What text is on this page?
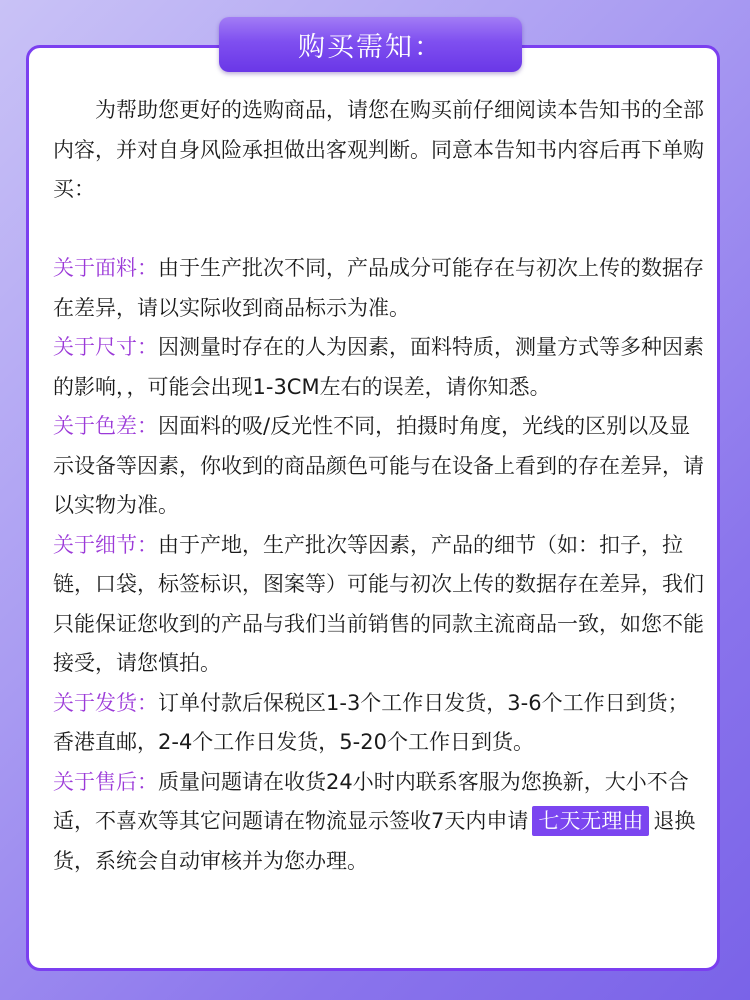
购买需知：

为帮助您更好的选购商品，请您在购买前仔细阅读本告知书的全部内容，并对自身风险承担做出客观判断。同意本告知书内容后再下单购买：

关于面料：由于生产批次不同，产品成分可能存在与初次上传的数据存在差异，请以实际收到商品标示为准。

关于尺寸：因测量时存在的人为因素，面料特质，测量方式等多种因素的影响，，可能会出现1-3CM左右的误差，请你知悉。

关于色差：因面料的吸/反光性不同，拍摄时角度，光线的区别以及显示设备等因素，你收到的商品颜色可能与在设备上看到的存在差异，请以实物为准。

关于细节：由于产地，生产批次等因素，产品的细节（如：扣子，拉链，口袋，标签标识，图案等）可能与初次上传的数据存在差异，我们只能保证您收到的产品与我们当前销售的同款主流商品一致，如您不能接受，请您慎拍。

关于发货：订单付款后保税区1-3个工作日发货，3-6个工作日到货；香港直邮，2-4个工作日发货，5-20个工作日到货。

关于售后：质量问题请在收货24小时内联系客服为您换新，大小不合适，不喜欢等其它问题请在物流显示签收7天内申请 七天无理由 退换货，系统会自动审核并为您办理。
